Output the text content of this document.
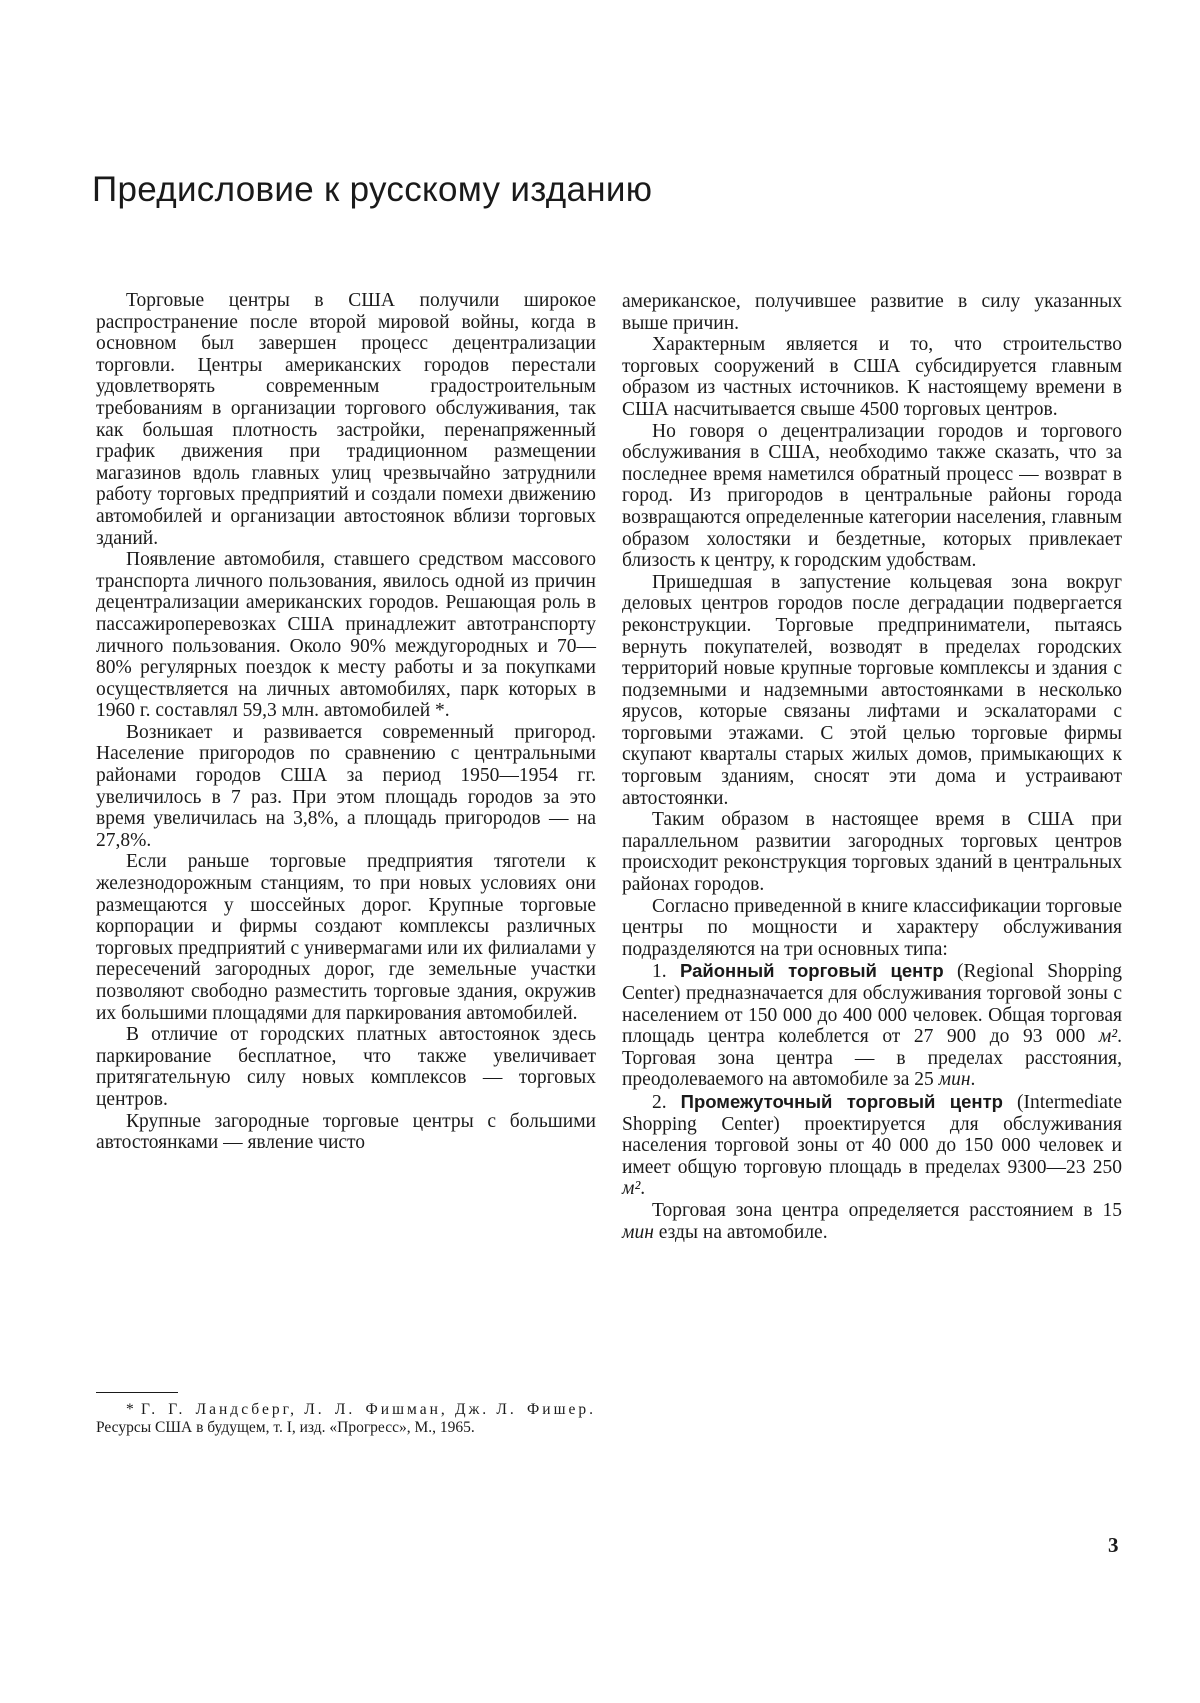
Предисловие к русскому изданию

Торговые центры в США получили широкое распространение после второй мировой войны, когда в основном был завершен процесс децентрализации торговли. Центры американских городов перестали удовлетворять современным градостроительным требованиям в организации торгового обслуживания, так как большая плотность застройки, перенапряженный график движения при традиционном размещении магазинов вдоль главных улиц чрезвычайно затруднили работу торговых предприятий и создали помехи движению автомобилей и организации автостоянок вблизи торговых зданий.

Появление автомобиля, ставшего средством массового транспорта личного пользования, явилось одной из причин децентрализации американских городов. Решающая роль в пассажироперевозках США принадлежит автотранспорту личного пользования. Около 90% междугородных и 70—80% регулярных поездок к месту работы и за покупками осуществляется на личных автомобилях, парк которых в 1960 г. составлял 59,3 млн. автомобилей *.

Возникает и развивается современный пригород. Население пригородов по сравнению с центральными районами городов США за период 1950—1954 гг. увеличилось в 7 раз. При этом площадь городов за это время увеличилась на 3,8%, а площадь пригородов — на 27,8%.

Если раньше торговые предприятия тяготели к железнодорожным станциям, то при новых условиях они размещаются у шоссейных дорог. Крупные торговые корпорации и фирмы создают комплексы различных торговых предприятий с универмагами или их филиалами у пересечений загородных дорог, где земельные участки позволяют свободно разместить торговые здания, окружив их большими площадями для паркирования автомобилей.

В отличие от городских платных автостоянок здесь паркирование бесплатное, что также увеличивает притягательную силу новых комплексов — торговых центров.

Крупные загородные торговые центры с большими автостоянками — явление чисто

* Г. Г. Ландсберг, Л. Л. Фишман, Дж. Л. Фишер. Ресурсы США в будущем, т. I, изд. «Прогресс», М., 1965.

американское, получившее развитие в силу указанных выше причин.

Характерным является и то, что строительство торговых сооружений в США субсидируется главным образом из частных источников. К настоящему времени в США насчитывается свыше 4500 торговых центров.

Но говоря о децентрализации городов и торгового обслуживания в США, необходимо также сказать, что за последнее время наметился обратный процесс — возврат в город. Из пригородов в центральные районы города возвращаются определенные категории населения, главным образом холостяки и бездетные, которых привлекает близость к центру, к городским удобствам.

Пришедшая в запустение кольцевая зона вокруг деловых центров городов после деградации подвергается реконструкции. Торговые предприниматели, пытаясь вернуть покупателей, возводят в пределах городских территорий новые крупные торговые комплексы и здания с подземными и надземными автостоянками в несколько ярусов, которые связаны лифтами и эскалаторами с торговыми этажами. С этой целью торговые фирмы скупают кварталы старых жилых домов, примыкающих к торговым зданиям, сносят эти дома и устраивают автостоянки.

Таким образом в настоящее время в США при параллельном развитии загородных торговых центров происходит реконструкция торговых зданий в центральных районах городов.

Согласно приведенной в книге классификации торговые центры по мощности и характеру обслуживания подразделяются на три основных типа:

1. Районный торговый центр (Regional Shopping Center) предназначается для обслуживания торговой зоны с населением от 150 000 до 400 000 человек. Общая торговая площадь центра колеблется от 27 900 до 93 000 м². Торговая зона центра — в пределах расстояния, преодолеваемого на автомобиле за 25 мин.

2. Промежуточный торговый центр (Intermediate Shopping Center) проектируется для обслуживания населения торговой зоны от 40 000 до 150 000 человек и имеет общую торговую площадь в пределах 9300—23 250 м².

Торговая зона центра определяется расстоянием в 15 мин езды на автомобиле.

3
